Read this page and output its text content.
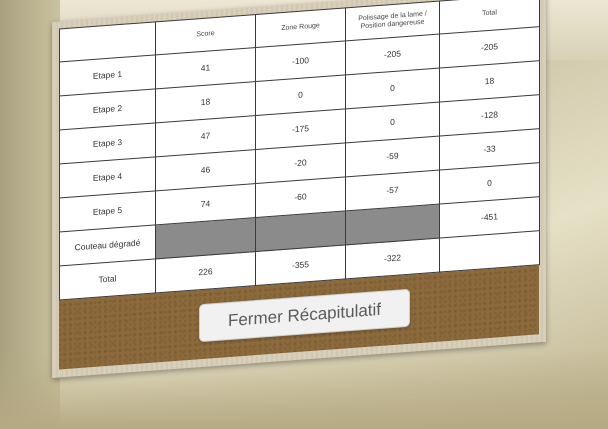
	Score	Zone Rouge	Polissage de la lame / Position dangereuse	Total
Etape 1	41	-100	-205	-205
Etape 2	18	0	0	18
Etape 3	47	-175	0	-128
Etape 4	46	-20	-59	-33
Etape 5	74	-60	-57	0
Couteau dégradé				-451
Total	226	-355	-322	
Fermer Récapitulatif
